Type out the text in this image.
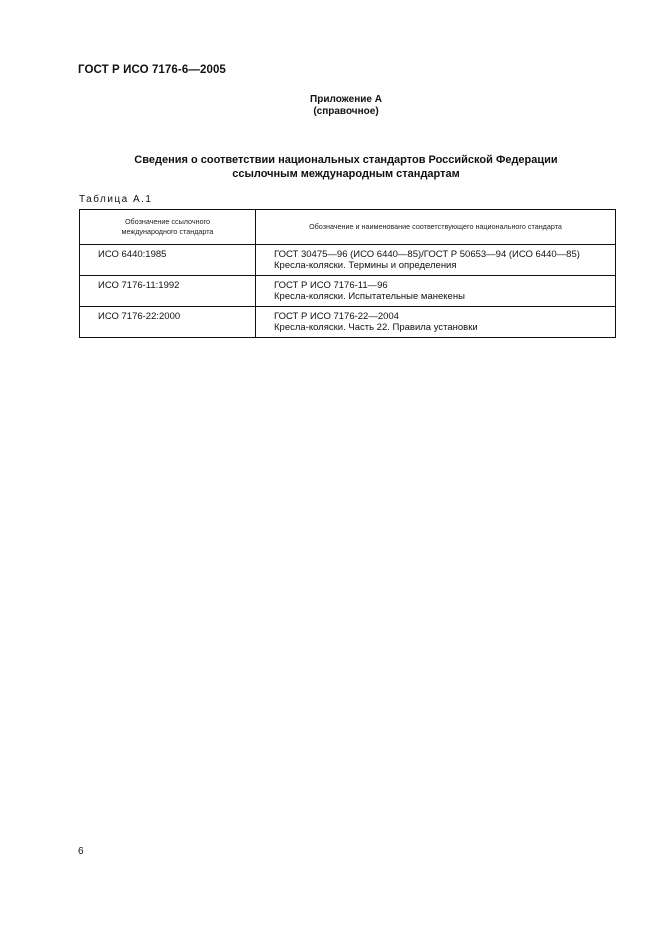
ГОСТ Р ИСО 7176-6—2005
Приложение А
(справочное)
Сведения о соответствии национальных стандартов Российской Федерации
ссылочным международным стандартам
Таблица А.1
Обозначение ссылочного
международного стандарта	Обозначение и наименование соответствующего национального стандарта
ИСО 6440:1985	ГОСТ 30475—96 (ИСО 6440—85)/ГОСТ Р 50653—94 (ИСО 6440—85)
Кресла-коляски. Термины и определения

ИСО 7176-11:1992	ГОСТ Р ИСО 7176-11—96
Кресла-коляски. Испытательные манекены

ИСО 7176-22:2000	ГОСТ Р ИСО 7176-22—2004
Кресла-коляски. Часть 22. Правила установки
6
